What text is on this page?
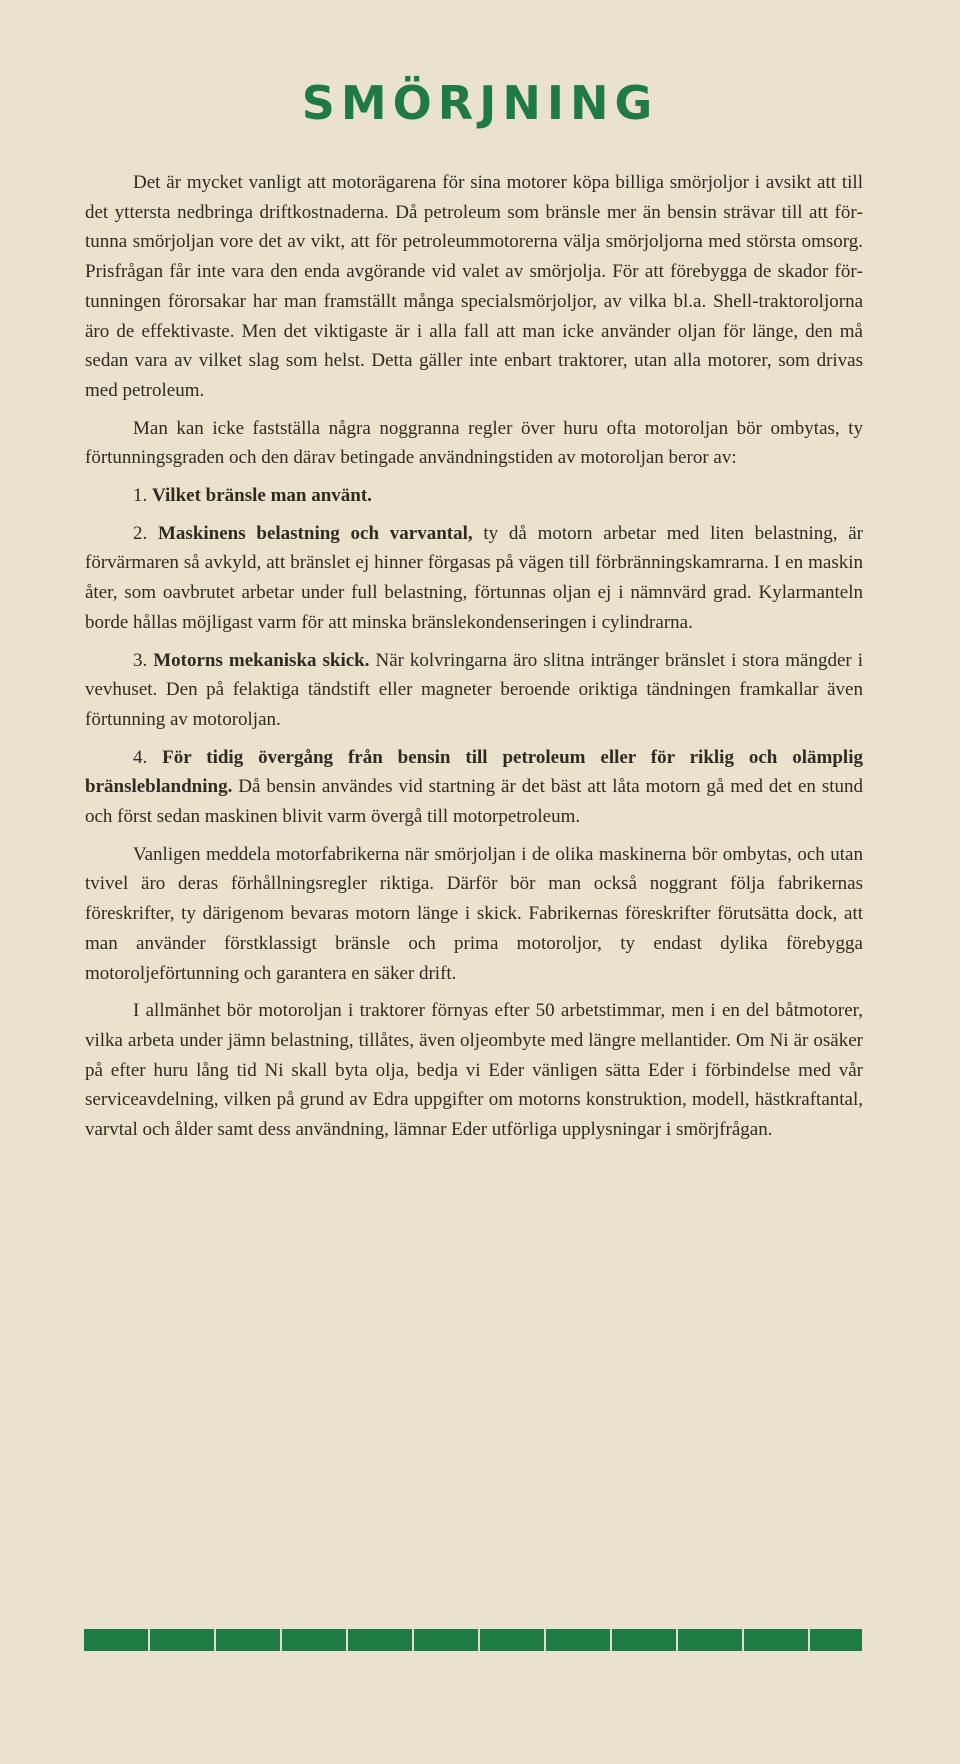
SMÖRJNING

Det är mycket vanligt att motorägarena för sina motorer köpa billiga smörjoljor i avsikt att till det yttersta nedbringa driftkostnaderna. Då petroleum som bränsle mer än bensin strävar till att förtunna smörjoljan vore det av vikt, att för petroleummotorerna välja smörjoljorna med största omsorg. Prisfrågan får inte vara den enda avgörande vid valet av smörjolja. För att förebygga de skador förtunningen förorsakar har man framställt många specialsmörjoljor, av vilka bl.a. Shell-traktoroljorna äro de effektivaste. Men det viktigaste är i alla fall att man icke använder oljan för länge, den må sedan vara av vilket slag som helst. Detta gäller inte enbart traktorer, utan alla motorer, som drivas med petroleum.

Man kan icke fastställa några noggranna regler över huru ofta motoroljan bör ombytas, ty förtunningsgraden och den därav betingade användningstiden av motoroljan beror av:

1. Vilket bränsle man använt.

2. Maskinens belastning och varvantal, ty då motorn arbetar med liten belastning, är förvärmaren så avkyld, att bränslet ej hinner förgasas på vägen till förbränningskamrarna. I en maskin åter, som oavbrutet arbetar under full belastning, förtunnas oljan ej i nämnvärd grad. Kylarmanteln borde hållas möjligast varm för att minska bränslekondenseringen i cylindrarna.

3. Motorns mekaniska skick. När kolvringarna äro slitna intränger bränslet i stora mängder i vevhuset. Den på felaktiga tändstift eller magneter beroende oriktiga tändningen framkallar även förtunning av motoroljan.

4. För tidig övergång från bensin till petroleum eller för riklig och olämplig bränsleblandning. Då bensin användes vid startning är det bäst att låta motorn gå med det en stund och först sedan maskinen blivit varm övergå till motorpetroleum.

Vanligen meddela motorfabrikerna när smörjoljan i de olika maskinerna bör ombytas, och utan tvivel äro deras förhållningsregler riktiga. Därför bör man också noggrant följa fabrikernas föreskrifter, ty därigenom bevaras motorn länge i skick. Fabrikernas föreskrifter förutsätta dock, att man använder förstklassigt bränsle och prima motoroljor, ty endast dylika förebygga motoroljeförtunning och garantera en säker drift.

I allmänhet bör motoroljan i traktorer förnyas efter 50 arbetstimmar, men i en del båtmotorer, vilka arbeta under jämn belastning, tillåtes, även oljeombyte med längre mellantider. Om Ni är osäker på efter huru lång tid Ni skall byta olja, bedja vi Eder vänligen sätta Eder i förbindelse med vår serviceavdelning, vilken på grund av Edra uppgifter om motorns konstruktion, modell, hästkraftantal, varvtal och ålder samt dess användning, lämnar Eder utförliga upplysningar i smörjfrågan.
